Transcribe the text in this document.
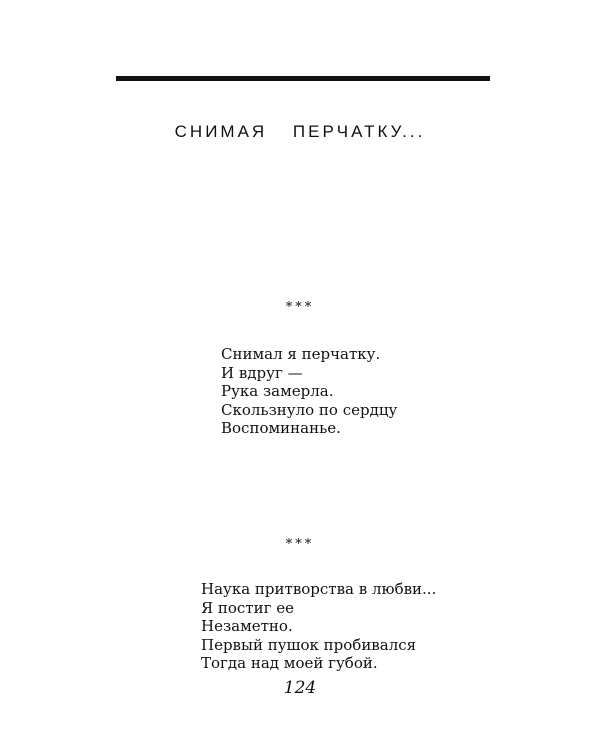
СНИМАЯ ПЕРЧАТКУ...
***
Снимал я перчатку.
И вдруг —
Рука замерла.
Скользнуло по сердцу
Воспоминанье.
***
Наука притворства в любви...
Я постиг ее
Незаметно.
Первый пушок пробивался
Тогда над моей губой.
124
